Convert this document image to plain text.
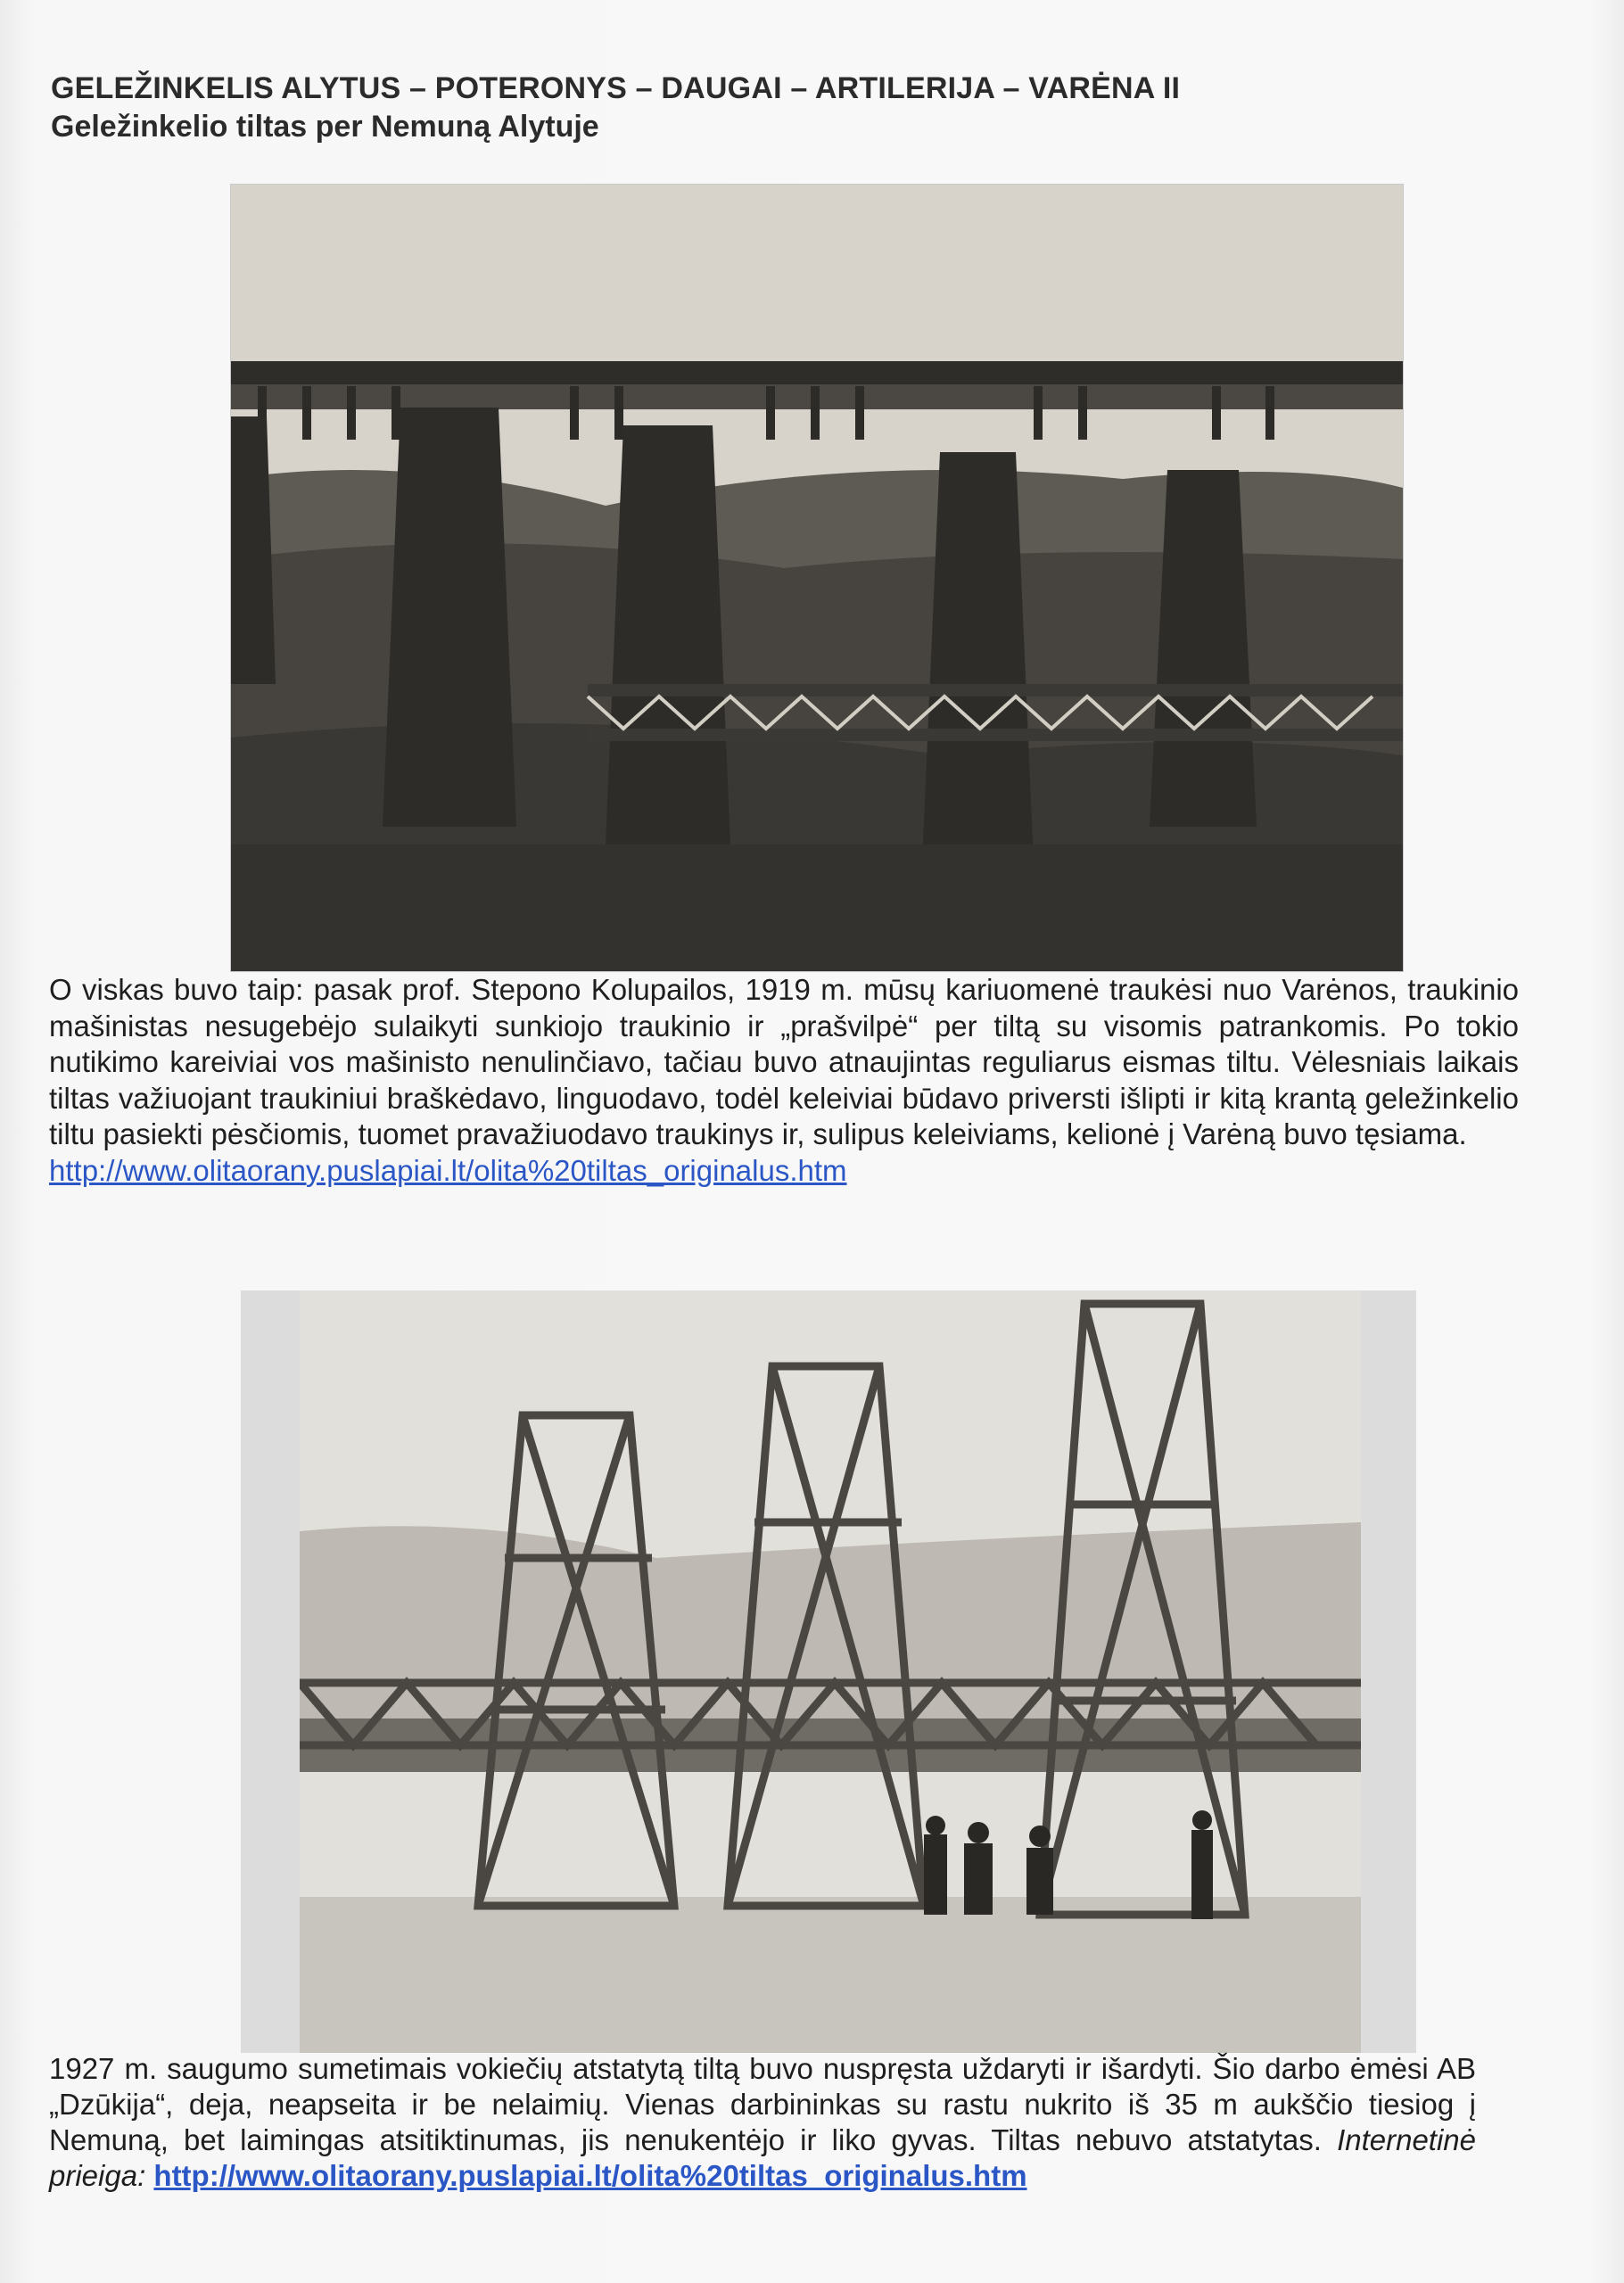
GELEŽINKELIS ALYTUS – POTERONYS – DAUGAI – ARTILERIJA – VARĖNA II
Geležinkelio tiltas per Nemuną Alytuje
O viskas buvo taip: pasak prof. Stepono Kolupailos, 1919 m. mūsų kariuomenė traukėsi nuo Varėnos, traukinio mašinistas nesugebėjo sulaikyti sunkiojo traukinio ir „prašvilpė“ per tiltą su visomis patrankomis. Po tokio nutikimo kareiviai vos mašinisto nenulinčiavo, tačiau buvo atnaujintas reguliarus eismas tiltu. Vėlesniais laikais tiltas važiuojant traukiniui braškėdavo, linguodavo, todėl keleiviai būdavo priversti išlipti ir kitą krantą geležinkelio tiltu pasiekti pėsčiomis, tuomet pravažiuodavo traukinys ir, sulipus keleiviams, kelionė į Varėną buvo tęsiama.
http://www.olitaorany.puslapiai.lt/olita%20tiltas_originalus.htm
1927 m. saugumo sumetimais vokiečių atstatytą tiltą buvo nuspręsta uždaryti ir išardyti. Šio darbo ėmėsi AB „Dzūkija“, deja, neapseita ir be nelaimių. Vienas darbininkas su rastu nukrito iš 35 m aukščio tiesiog į Nemuną, bet laimingas atsitiktinumas, jis nenukentėjo ir liko gyvas. Tiltas nebuvo atstatytas. Internetinė prieiga: http://www.olitaorany.puslapiai.lt/olita%20tiltas_originalus.htm
